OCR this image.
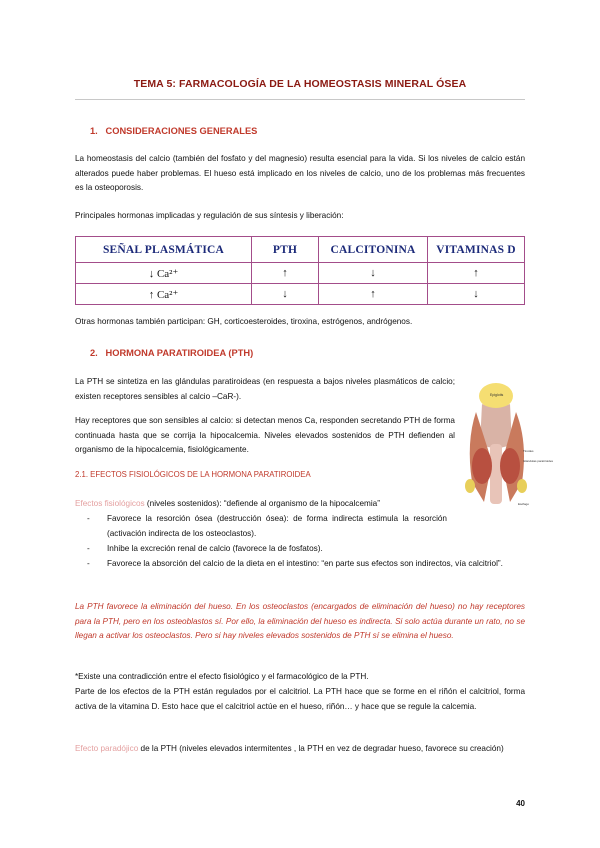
TEMA 5: FARMACOLOGÍA DE LA HOMEOSTASIS MINERAL ÓSEA
1.   CONSIDERACIONES GENERALES
La homeostasis del calcio (también del fosfato y del magnesio) resulta esencial para la vida. Si los niveles de calcio están alterados puede haber problemas. El hueso está implicado en los niveles de calcio, uno de los problemas más frecuentes es la osteoporosis.
Principales hormonas implicadas y regulación de sus síntesis y liberación:
SEÑAL PLASMÁTICA	PTH	CALCITONINA	VITAMINAS D
↓ Ca²⁺	↑	↓	↑
↑ Ca²⁺	↓	↑	↓
Otras hormonas también participan: GH, corticoesteroides, tiroxina, estrógenos, andrógenos.
2.   HORMONA PARATIROIDEA (PTH)
La PTH se sintetiza en las glándulas paratiroideas (en respuesta a bajos niveles plasmáticos de calcio; existen receptores sensibles al calcio –CaR-).
Hay receptores que son sensibles al calcio: si detectan menos Ca, responden secretando PTH de forma continuada hasta que se corrija la hipocalcemia. Niveles elevados sostenidos de PTH defienden al organismo de la hipocalcemia, fisiológicamente.
2.1. EFECTOS FISIOLÓGICOS DE LA HORMONA PARATIROIDEA
Efectos fisiológicos (niveles sostenidos): “defiende al organismo de la hipocalcemia”
- Favorece la resorción ósea (destrucción ósea): de forma indirecta estimula la resorción (activación indirecta de los osteoclastos).
- Inhibe la excreción renal de calcio (favorece la de fosfatos).
- Favorece la absorción del calcio de la dieta en el intestino: “en parte sus efectos son indirectos, vía calcitriol”.
La PTH favorece la eliminación del hueso. En los osteoclastos (encargados de eliminación del hueso) no hay receptores para la PTH, pero en los osteoblastos sí. Por ello, la eliminación del hueso es indirecta. Si solo actúa durante un rato, no se llegan a activar los osteoclastos. Pero si hay niveles elevados sostenidos de PTH sí se elimina el hueso.
*Existe una contradicción entre el efecto fisiológico y el farmacológico de la PTH.
Parte de los efectos de la PTH están regulados por el calcitriol. La PTH hace que se forme en el riñón el calcitriol, forma activa de la vitamina D. Esto hace que el calcitriol actúe en el hueso, riñón… y hace que se regule la calcemia.
Efecto paradójico de la PTH (niveles elevados intermitentes , la PTH en vez de degradar hueso, favorece su creación)
40
Epiglotis
Tiroides
Glándulas paratiroides
Esófago
